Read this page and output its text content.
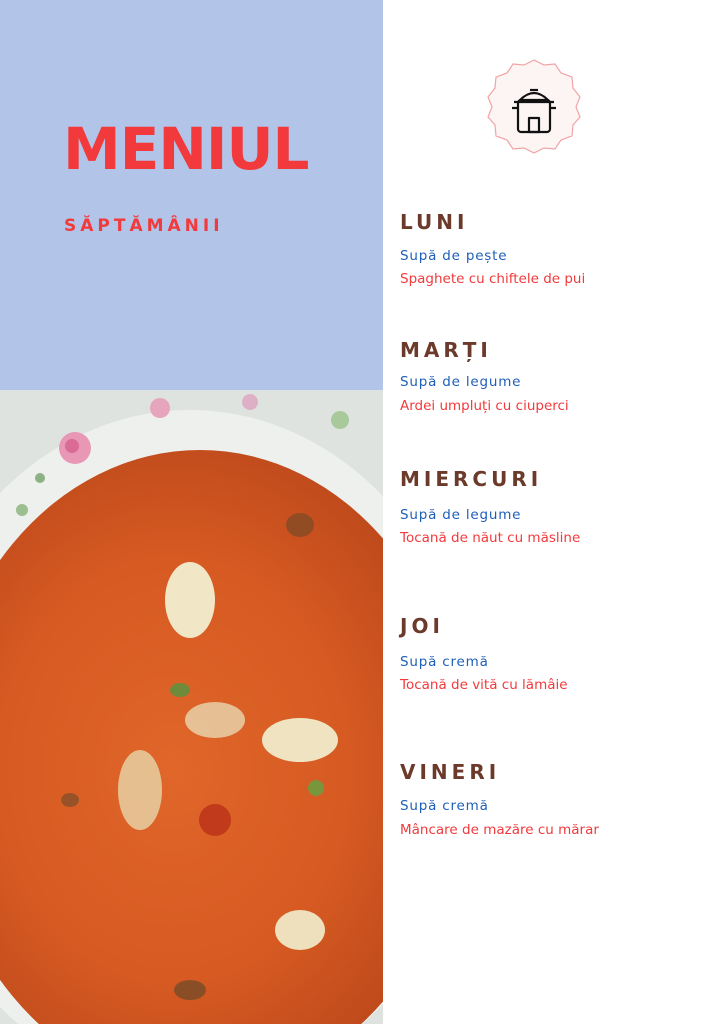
MENIUL
SĂPTĂMÂNII	LUNI
Supă de pește
Spaghete cu chiftele de pui
MARȚI
Supă de legume
Ardei umpluți cu ciuperci
MIERCURI
Supă de legume
Tocană de năut cu măsline
JOI
Supă cremă
Tocană de vită cu lămâie
VINERI
Supă cremă
Mâncare de mazăre cu mărar
